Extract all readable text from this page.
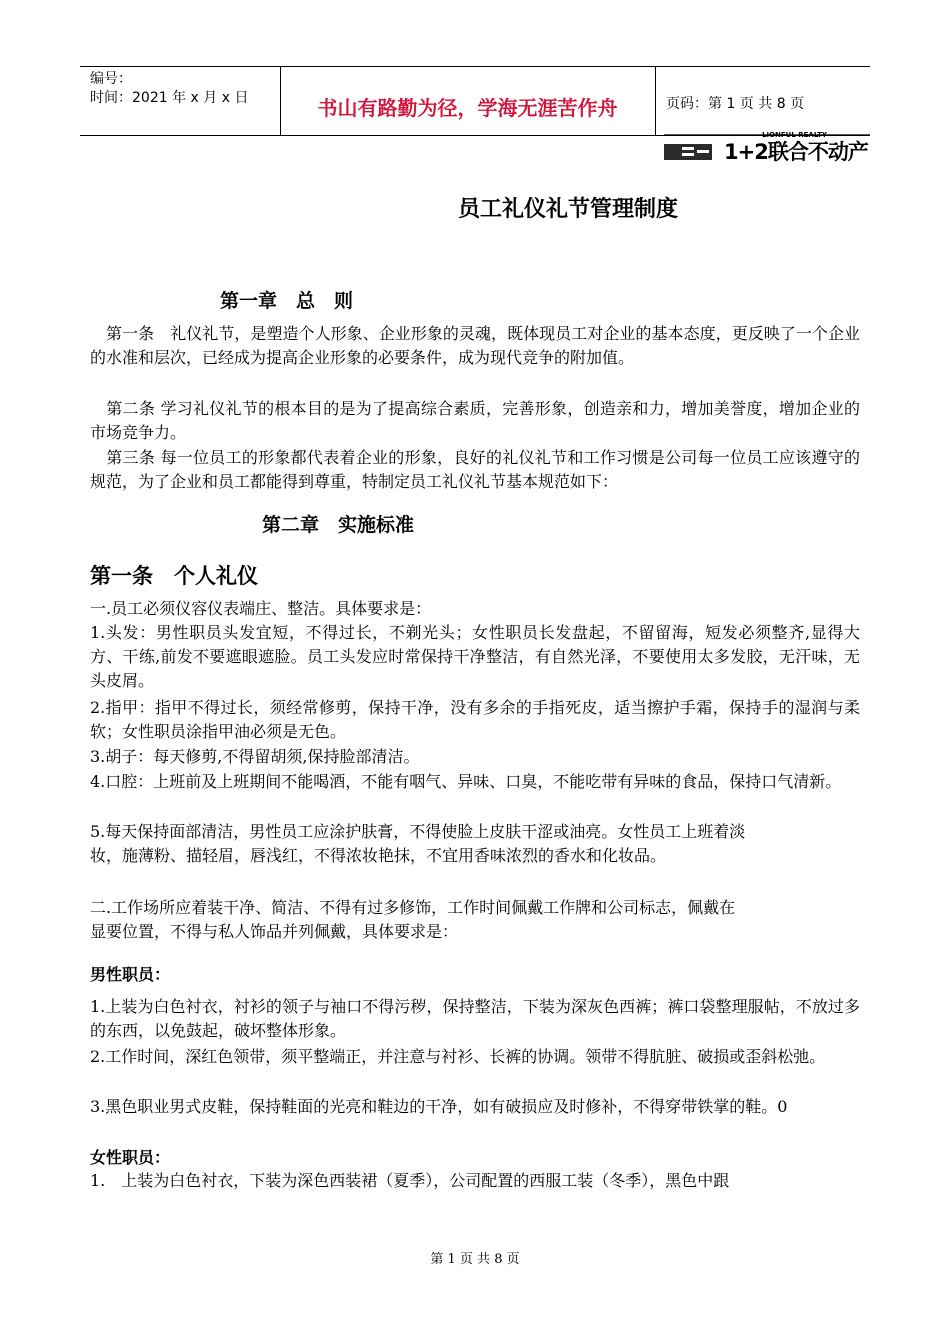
编号：
时间：2021 年 x 月 x 日	书山有路勤为径，学海无涯苦作舟	页码：第 1 页 共 8 页
LIONFUL REALTY
1+2联合不动产
员工礼仪礼节管理制度
第一章　总　则
　第一条　礼仪礼节，是塑造个人形象、企业形象的灵魂，既体现员工对企业的基本态度，更反映了一个企业的水准和层次，已经成为提高企业形象的必要条件，成为现代竞争的附加值。
　第二条 学习礼仪礼节的根本目的是为了提高综合素质，完善形象，创造亲和力，增加美誉度，增加企业的市场竞争力。
　第三条 每一位员工的形象都代表着企业的形象，良好的礼仪礼节和工作习惯是公司每一位员工应该遵守的规范，为了企业和员工都能得到尊重，特制定员工礼仪礼节基本规范如下：
第二章　实施标准
第一条　个人礼仪
一.员工必须仪容仪表端庄、整洁。具体要求是：
1.头发：男性职员头发宜短，不得过长，不剃光头；女性职员长发盘起，不留留海，短发必须整齐,显得大方、干练,前发不要遮眼遮脸。员工头发应时常保持干净整洁，有自然光泽，不要使用太多发胶，无汗味，无头皮屑。
2.指甲：指甲不得过长，须经常修剪，保持干净，没有多余的手指死皮，适当擦护手霜，保持手的湿润与柔软；女性职员涂指甲油必须是无色。
3.胡子：每天修剪,不得留胡须,保持脸部清洁。
4.口腔：上班前及上班期间不能喝酒，不能有咽气、异味、口臭，不能吃带有异味的食品，保持口气清新。
5.每天保持面部清洁，男性员工应涂护肤膏，不得使脸上皮肤干涩或油亮。女性员工上班着淡妆，施薄粉、描轻眉，唇浅红，不得浓妆艳抹，不宜用香味浓烈的香水和化妆品。
二.工作场所应着装干净、简洁、不得有过多修饰，工作时间佩戴工作牌和公司标志，佩戴在显要位置，不得与私人饰品并列佩戴，具体要求是：
男性职员：
1.上装为白色衬衣，衬衫的领子与袖口不得污秽，保持整洁，下装为深灰色西裤；裤口袋整理服帖，不放过多的东西，以免鼓起，破坏整体形象。
2.工作时间，深红色领带，须平整端正，并注意与衬衫、长裤的协调。领带不得肮脏、破损或歪斜松弛。
3.黑色职业男式皮鞋，保持鞋面的光亮和鞋边的干净，如有破损应及时修补，不得穿带铁掌的鞋。0
女性职员：
1.　上装为白色衬衣，下装为深色西装裙（夏季），公司配置的西服工装（冬季），黑色中跟
第 1 页 共 8 页
